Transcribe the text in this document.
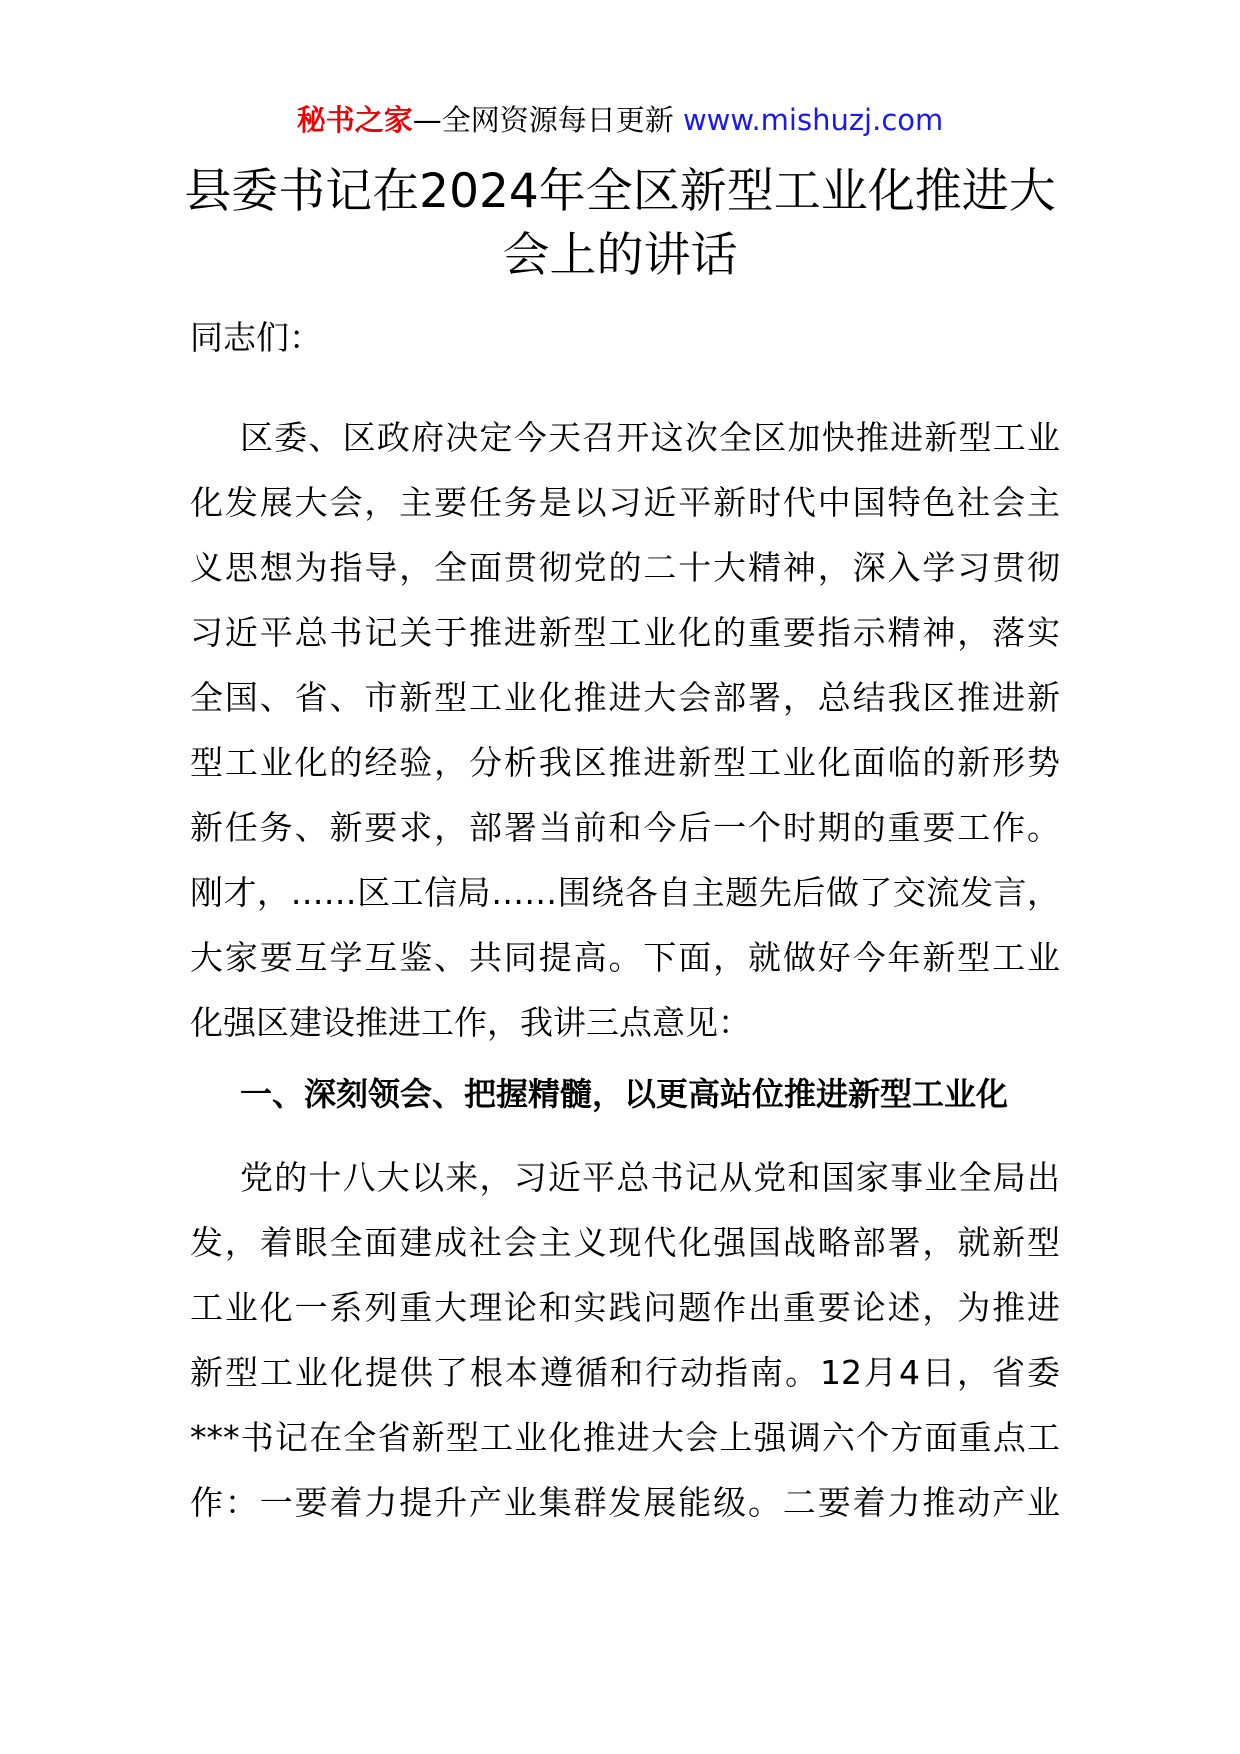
秘书之家—全网资源每日更新 www.mishuzj.com
县委书记在2024年全区新型工业化推进大
会上的讲话

同志们：

区委、区政府决定今天召开这次全区加快推进新型工业
化发展大会，主要任务是以习近平新时代中国特色社会主
义思想为指导，全面贯彻党的二十大精神，深入学习贯彻
习近平总书记关于推进新型工业化的重要指示精神，落实
全国、省、市新型工业化推进大会部署，总结我区推进新
型工业化的经验，分析我区推进新型工业化面临的新形势
新任务、新要求，部署当前和今后一个时期的重要工作。
刚才，……区工信局……围绕各自主题先后做了交流发言，
大家要互学互鉴、共同提高。下面，就做好今年新型工业
化强区建设推进工作，我讲三点意见：
一、深刻领会、把握精髓，以更高站位推进新型工业化
党的十八大以来，习近平总书记从党和国家事业全局出
发，着眼全面建成社会主义现代化强国战略部署，就新型
工业化一系列重大理论和实践问题作出重要论述，为推进
新型工业化提供了根本遵循和行动指南。12月4日，省委
***书记在全省新型工业化推进大会上强调六个方面重点工
作：一要着力提升产业集群发展能级。二要着力推动产业
